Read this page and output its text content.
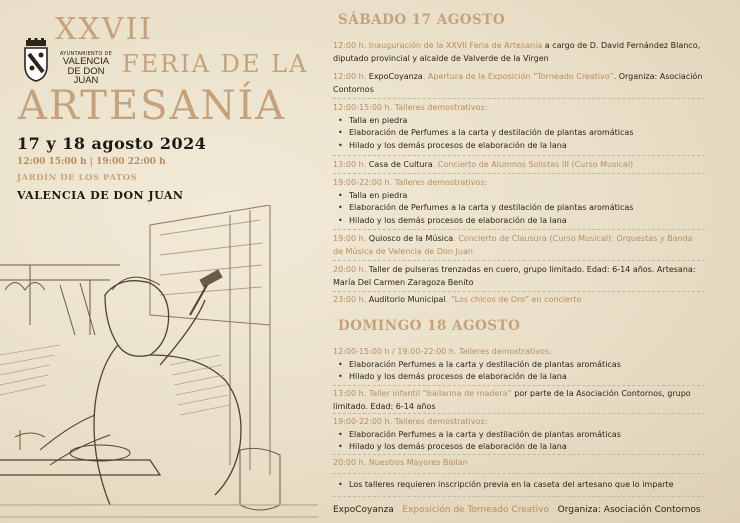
AYUNTAMIENTO DE
VALENCIA
DE DON JUAN
XXVII
FERIA DE LA
ARTESANÍA
17 y 18 agosto 2024
12:00 15:00 h | 19:00 22:00 h
JARDÍN DE LOS PATOS
VALENCIA DE DON JUAN
SÁBADO 17 AGOSTO
12:00 h. Inauguración de la XXVII Feria de Artesanía a cargo de D. David Fernández Blanco, diputado provincial y alcalde de Valverde de la Virgen
12:00 h. ExpoCoyanza. Apertura de la Exposición “Torneado Creativo”. Organiza: Asociación Contornos
12:00-15:00 h. Talleres demostrativos:
• Talla en piedra
• Elaboración de Perfumes a la carta y destilación de plantas aromáticas
• Hilado y los demás procesos de elaboración de la lana
13:00 h. Casa de Cultura. Concierto de Alumnos Solistas III (Curso Musical)
19:00-22:00 h. Talleres demostrativos:
• Talla en piedra
• Elaboración de Perfumes a la carta y destilación de plantas aromáticas
• Hilado y los demás procesos de elaboración de la lana
19:00 h. Quiosco de la Música. Concierto de Clausura (Curso Musical): Orquestas y Banda de Música de Valencia de Don Juan
20:00 h. Taller de pulseras trenzadas en cuero, grupo limitado. Edad: 6-14 años. Artesana: María Del Carmen Zaragoza Benito
23:00 h. Auditorio Municipal. “Los chicos de Oro” en concierto
DOMINGO 18 AGOSTO
12:00-15:00 h / 19:00-22:00 h. Talleres demostrativos:
• Elaboración Perfumes a la carta y destilación de plantas aromáticas
• Hilado y los demás procesos de elaboración de la lana
13:00 h. Taller infantil “bailarina de madera” por parte de la Asociación Contornos, grupo limitado. Edad: 6-14 años
19:00-22:00 h. Talleres demostrativos:
• Elaboración Perfumes a la carta y destilación de plantas aromáticas
• Hilado y los demás procesos de elaboración de la lana
20:00 h. Nuestros Mayores Bailan
• Los talleres requieren inscripción previa en la caseta del artesano que lo imparte
ExpoCoyanza Exposición de Torneado Creativo Organiza: Asociación Contornos
